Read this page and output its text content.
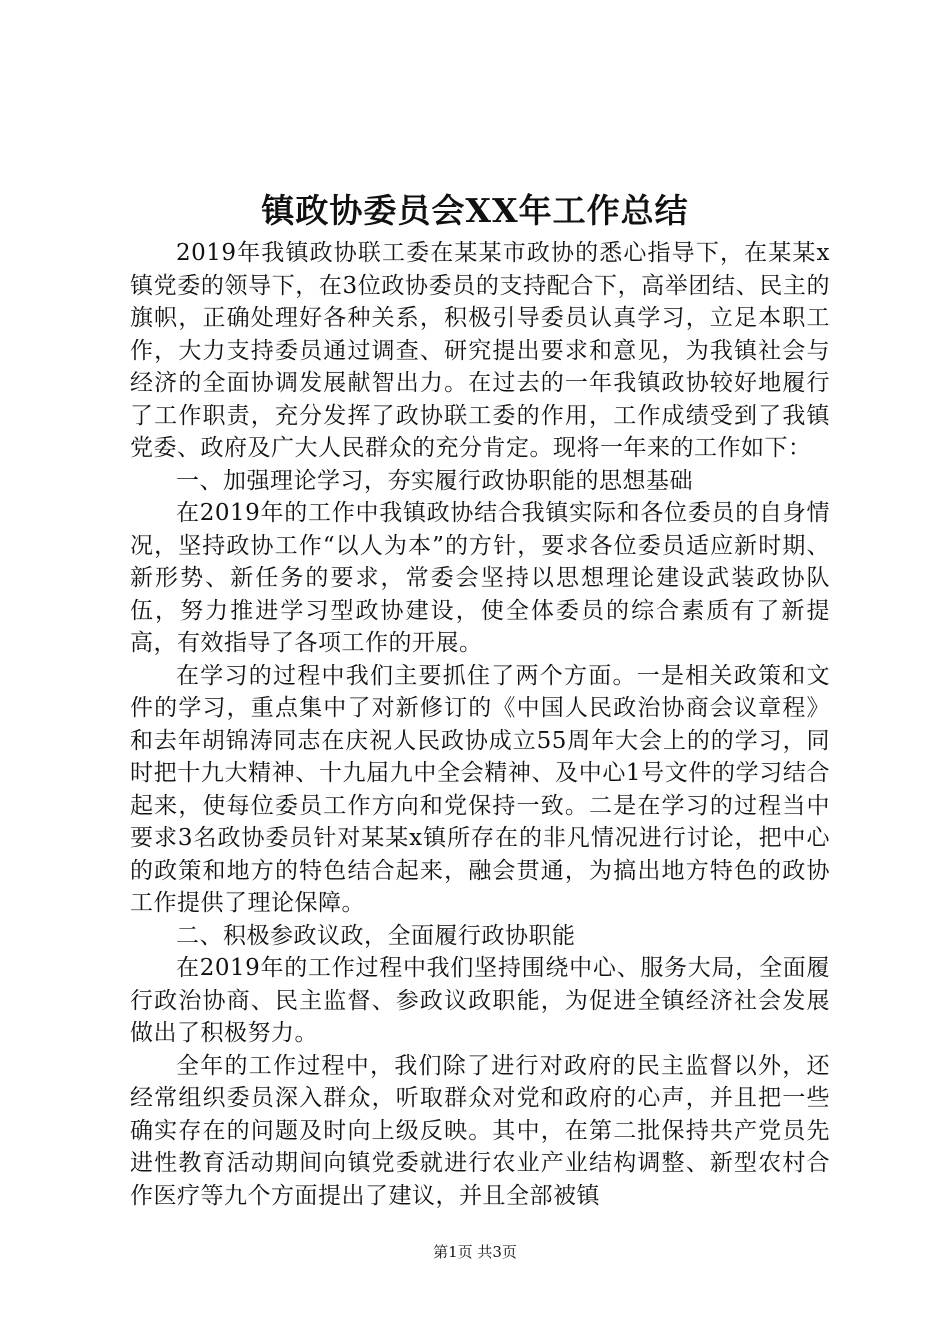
镇政协委员会XX年工作总结

2019年我镇政协联工委在某某市政协的悉心指导下，在某某x镇党委的领导下，在3位政协委员的支持配合下，高举团结、民主的旗帜，正确处理好各种关系，积极引导委员认真学习，立足本职工作，大力支持委员通过调查、研究提出要求和意见，为我镇社会与经济的全面协调发展献智出力。在过去的一年我镇政协较好地履行了工作职责，充分发挥了政协联工委的作用，工作成绩受到了我镇党委、政府及广大人民群众的充分肯定。现将一年来的工作如下：

一、加强理论学习，夯实履行政协职能的思想基础

在2019年的工作中我镇政协结合我镇实际和各位委员的自身情况，坚持政协工作“以人为本”的方针，要求各位委员适应新时期、新形势、新任务的要求，常委会坚持以思想理论建设武装政协队伍，努力推进学习型政协建设，使全体委员的综合素质有了新提高，有效指导了各项工作的开展。

在学习的过程中我们主要抓住了两个方面。一是相关政策和文件的学习，重点集中了对新修订的《中国人民政治协商会议章程》和去年胡锦涛同志在庆祝人民政协成立55周年大会上的的学习，同时把十九大精神、十九届九中全会精神、及中心1号文件的学习结合起来，使每位委员工作方向和党保持一致。二是在学习的过程当中要求3名政协委员针对某某x镇所存在的非凡情况进行讨论，把中心的政策和地方的特色结合起来，融会贯通，为搞出地方特色的政协工作提供了理论保障。

二、积极参政议政，全面履行政协职能

在2019年的工作过程中我们坚持围绕中心、服务大局，全面履行政治协商、民主监督、参政议政职能，为促进全镇经济社会发展做出了积极努力。

全年的工作过程中，我们除了进行对政府的民主监督以外，还经常组织委员深入群众，听取群众对党和政府的心声，并且把一些确实存在的问题及时向上级反映。其中，在第二批保持共产党员先进性教育活动期间向镇党委就进行农业产业结构调整、新型农村合作医疗等九个方面提出了建议，并且全部被镇

第1页 共3页
